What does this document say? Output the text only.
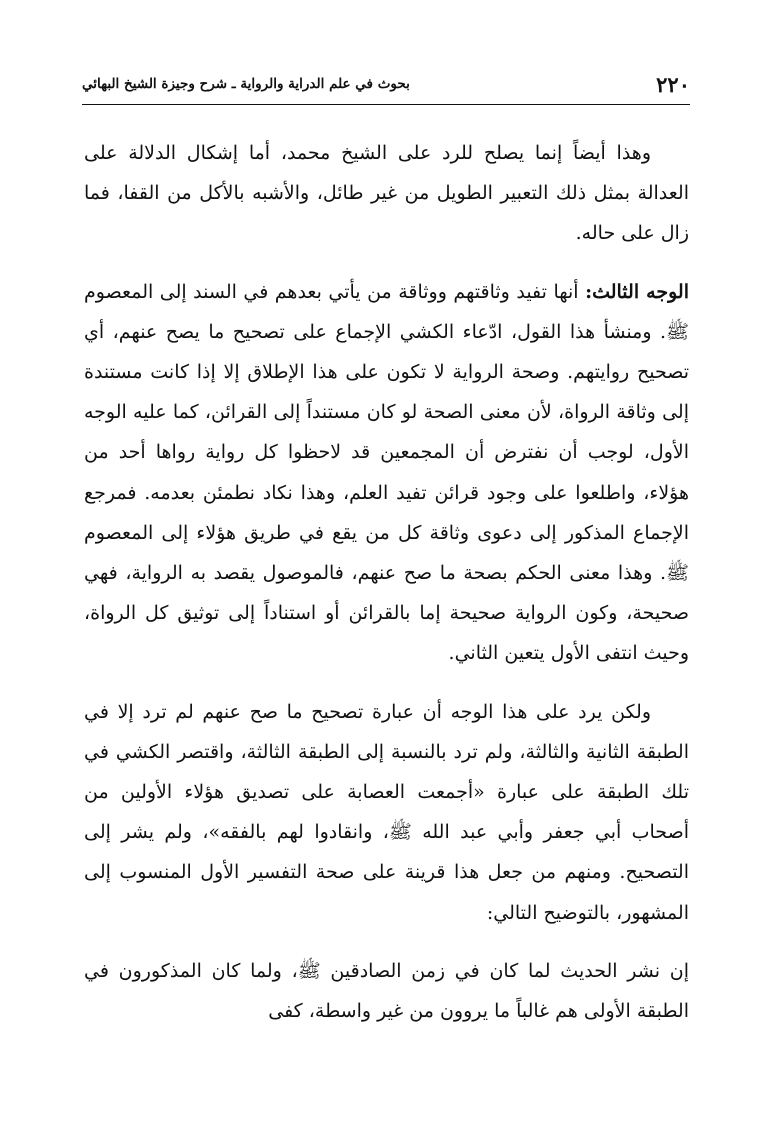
٢٢٠
بحوث في علم الدراية والرواية ـ شرح وجيزة الشيخ البهائي

وهذا أيضاً إنما يصلح للرد على الشيخ محمد، أما إشكال الدلالة على العدالة بمثل ذلك التعبير الطويل من غير طائل، والأشبه بالأكل من القفا، فما زال على حاله.

الوجه الثالث: أنها تفيد وثاقتهم ووثاقة من يأتي بعدهم في السند إلى المعصوم ﷺ. ومنشأ هذا القول، ادّعاء الكشي الإجماع على تصحيح ما يصح عنهم، أي تصحيح روايتهم. وصحة الرواية لا تكون على هذا الإطلاق إلا إذا كانت مستندة إلى وثاقة الرواة، لأن معنى الصحة لو كان مستنداً إلى القرائن، كما عليه الوجه الأول، لوجب أن نفترض أن المجمعين قد لاحظوا كل رواية رواها أحد من هؤلاء، واطلعوا على وجود قرائن تفيد العلم، وهذا نكاد نطمئن بعدمه. فمرجع الإجماع المذكور إلى دعوى وثاقة كل من يقع في طريق هؤلاء إلى المعصوم ﷺ. وهذا معنى الحكم بصحة ما صح عنهم، فالموصول يقصد به الرواية، فهي صحيحة، وكون الرواية صحيحة إما بالقرائن أو استناداً إلى توثيق كل الرواة، وحيث انتفى الأول يتعين الثاني.

ولكن يرد على هذا الوجه أن عبارة تصحيح ما صح عنهم لم ترد إلا في الطبقة الثانية والثالثة، ولم ترد بالنسبة إلى الطبقة الثالثة، واقتصر الكشي في تلك الطبقة على عبارة «أجمعت العصابة على تصديق هؤلاء الأولين من أصحاب أبي جعفر وأبي عبد الله ﷺ، وانقادوا لهم بالفقه»، ولم يشر إلى التصحيح. ومنهم من جعل هذا قرينة على صحة التفسير الأول المنسوب إلى المشهور، بالتوضيح التالي:

إن نشر الحديث لما كان في زمن الصادقين ﷺ، ولما كان المذكورون في الطبقة الأولى هم غالباً ما يروون من غير واسطة، كفى
